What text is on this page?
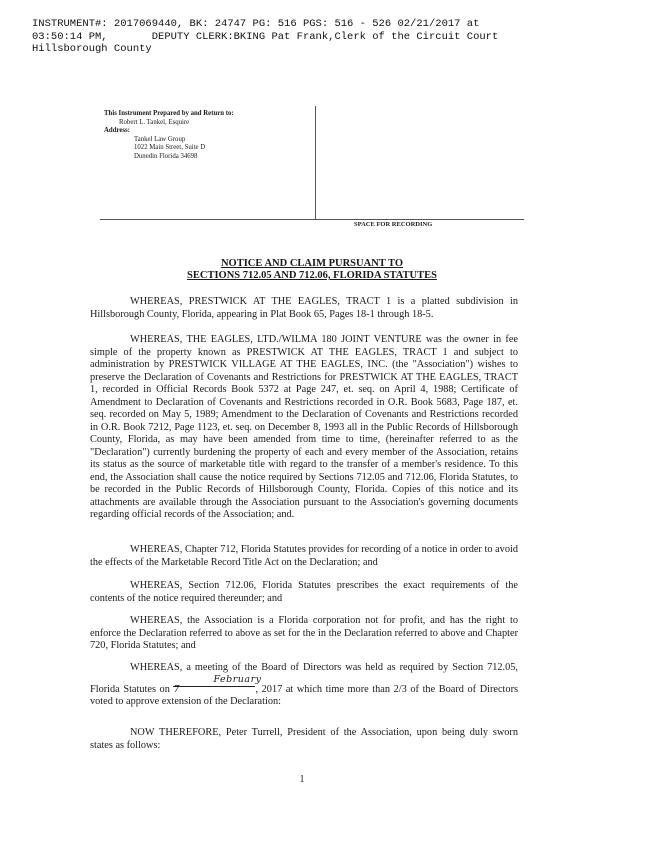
INSTRUMENT#: 2017069440, BK: 24747 PG: 516 PGS: 516 - 526 02/21/2017 at
03:50:14 PM,       DEPUTY CLERK:BKING Pat Frank,Clerk of the Circuit Court
Hillsborough County
This Instrument Prepared by and Return to:
Robert L. Tankel, Esquire
Address:
Tankel Law Group
1022 Main Street, Suite D
Dunedin Florida 34698
SPACE FOR RECORDING
NOTICE AND CLAIM PURSUANT TO
SECTIONS 712.05 AND 712.06, FLORIDA STATUTES

WHEREAS, PRESTWICK AT THE EAGLES, TRACT 1 is a platted subdivision in Hillsborough County, Florida, appearing in Plat Book 65, Pages 18-1 through 18-5.

WHEREAS, THE EAGLES, LTD./WILMA 180 JOINT VENTURE was the owner in fee simple of the property known as PRESTWICK AT THE EAGLES, TRACT 1 and subject to administration by PRESTWICK VILLAGE AT THE EAGLES, INC. (the "Association") wishes to preserve the Declaration of Covenants and Restrictions for PRESTWICK AT THE EAGLES, TRACT 1, recorded in Official Records Book 5372 at Page 247, et. seq. on April 4, 1988; Certificate of Amendment to Declaration of Covenants and Restrictions recorded in O.R. Book 5683, Page 187, et. seq. recorded on May 5, 1989; Amendment to the Declaration of Covenants and Restrictions recorded in O.R. Book 7212, Page 1123, et. seq. on December 8, 1993 all in the Public Records of Hillsborough County, Florida, as may have been amended from time to time, (hereinafter referred to as the "Declaration") currently burdening the property of each and every member of the Association, retains its status as the source of marketable title with regard to the transfer of a member's residence. To this end, the Association shall cause the notice required by Sections 712.05 and 712.06, Florida Statutes, to be recorded in the Public Records of Hillsborough County, Florida. Copies of this notice and its attachments are available through the Association pursuant to the Association's governing documents regarding official records of the Association; and.

WHEREAS, Chapter 712, Florida Statutes provides for recording of a notice in order to avoid the effects of the Marketable Record Title Act on the Declaration; and

WHEREAS, Section 712.06, Florida Statutes prescribes the exact requirements of the contents of the notice required thereunder; and

WHEREAS, the Association is a Florida corporation not for profit, and has the right to enforce the Declaration referred to above as set for the in the Declaration referred to above and Chapter 720, Florida Statutes; and

WHEREAS, a meeting of the Board of Directors was held as required by Section 712.05, Florida Statutes on February 7	, 2017 at which time more than 2/3 of the Board of Directors voted to approve extension of the Declaration:

NOW THEREFORE, Peter Turrell, President of the Association, upon being duly sworn states as follows:

1
